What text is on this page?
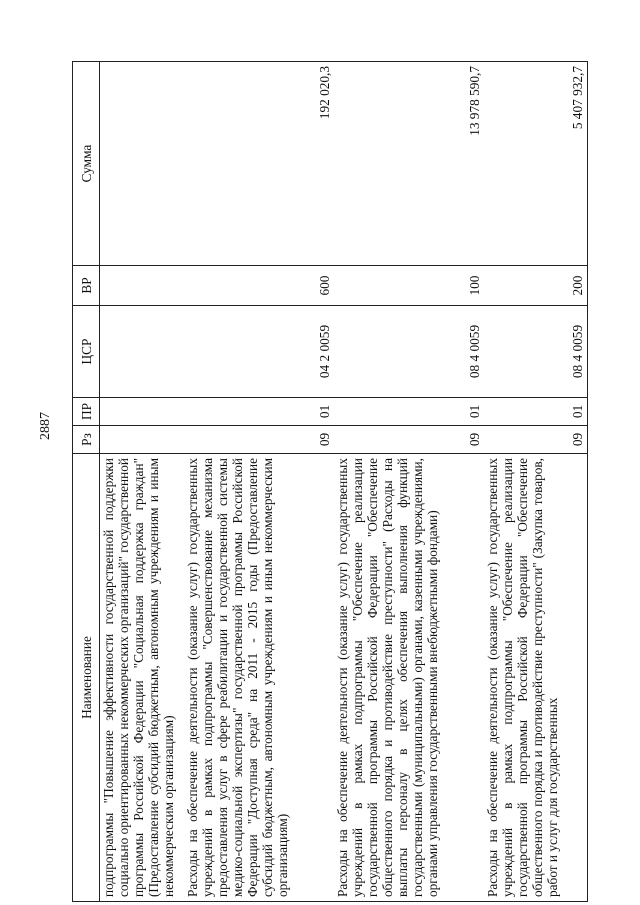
2887
Наименование	Рз	ПР	ЦСР	ВР	Сумма
подпрограммы "Повышение эффективности государственной поддержки социально ориентированных некоммерческих организаций" государственной программы Российской Федерации "Социальная поддержка граждан" (Предоставление субсидий бюджетным, автономным учреждениям и иным некоммерческим организациям)					
Расходы на обеспечение деятельности (оказание услуг) государственных учреждений в рамках подпрограммы "Совершенствование механизма предоставления услуг в сфере реабилитации и государственной системы медико-социальной экспертизы" государственной программы Российской Федерации "Доступная среда" на 2011 - 2015 годы (Предоставление субсидий бюджетным, автономным учреждениям и иным некоммерческим организациям)	09	01	04 2 0059	600	192 020,3
Расходы на обеспечение деятельности (оказание услуг) государственных учреждений в рамках подпрограммы "Обеспечение реализации государственной программы Российской Федерации "Обеспечение общественного порядка и противодействие преступности" (Расходы на выплаты персоналу в целях обеспечения выполнения функций государственными (муниципальными) органами, казенными учреждениями, органами управления государственными внебюджетными фондами)	09	01	08 4 0059	100	13 978 590,7
Расходы на обеспечение деятельности (оказание услуг) государственных учреждений в рамках подпрограммы "Обеспечение реализации государственной программы Российской Федерации "Обеспечение общественного порядка и противодействие преступности" (Закупка товаров, работ и услуг для государственных	09	01	08 4 0059	200	5 407 932,7
